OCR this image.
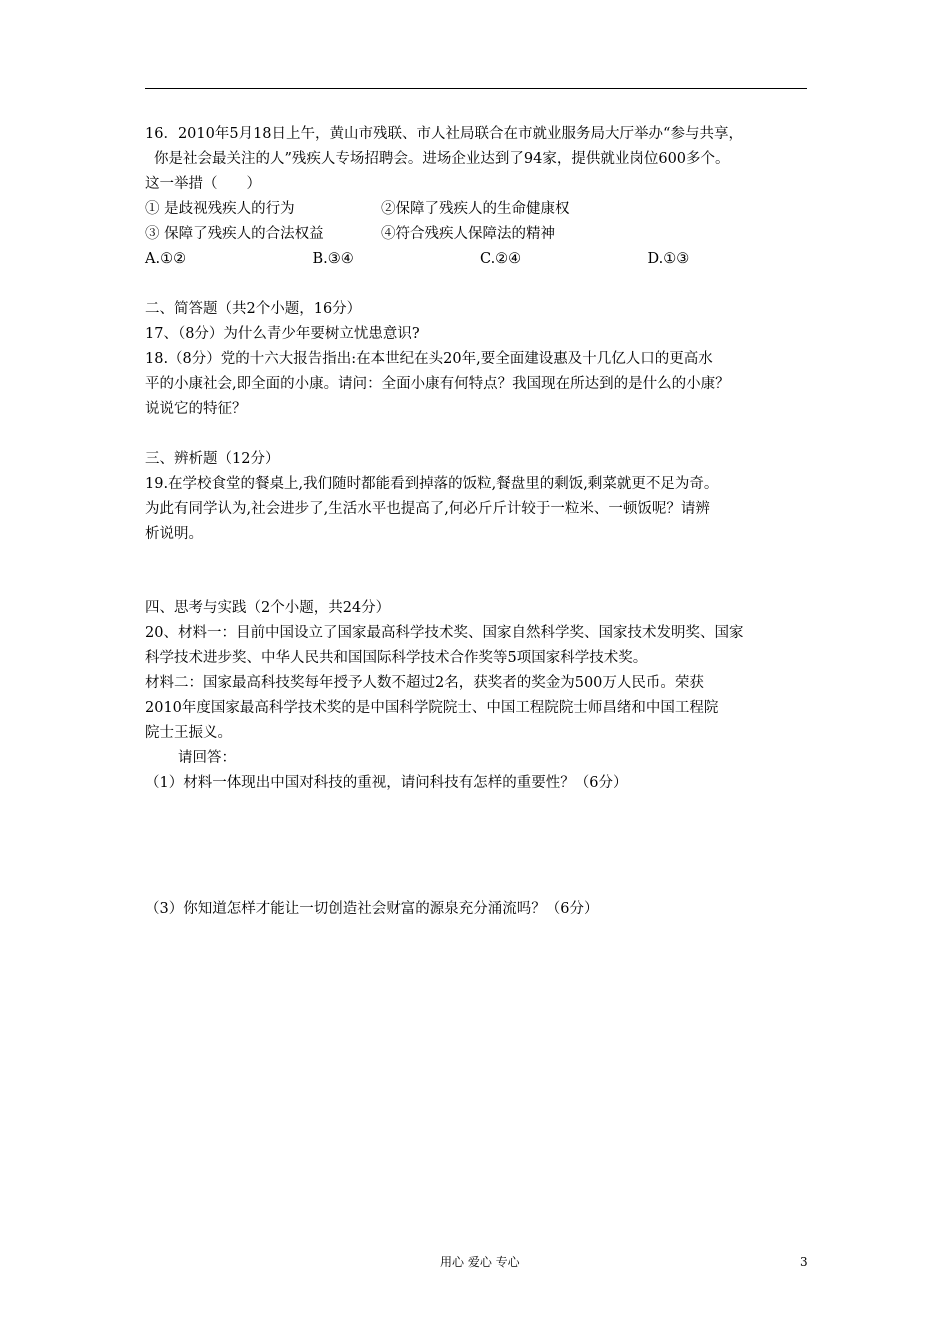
16．2010年5月18日上午，黄山市残联、市人社局联合在市就业服务局大厅举办“参与共享，
你是社会最关注的人”残疾人专场招聘会。进场企业达到了94家，提供就业岗位600多个。
这一举措（　　）
① 是歧视残疾人的行为	②保障了残疾人的生命健康权
③ 保障了残疾人的合法权益	④符合残疾人保障法的精神
A.①②	B.③④	C.②④	D.①③
二、简答题（共2个小题，16分）
17、（8分）为什么青少年要树立忧患意识?
18.（8分）党的十六大报告指出:在本世纪在头20年,要全面建设惠及十几亿人口的更高水
平的小康社会,即全面的小康。请问：全面小康有何特点？我国现在所达到的是什么的小康？
说说它的特征？
三、辨析题（12分）
19.在学校食堂的餐桌上,我们随时都能看到掉落的饭粒,餐盘里的剩饭,剩菜就更不足为奇。
为此有同学认为,社会进步了,生活水平也提高了,何必斤斤计较于一粒米、一顿饭呢？请辨
析说明。
四、思考与实践（2个小题，共24分）
20、材料一：目前中国设立了国家最高科学技术奖、国家自然科学奖、国家技术发明奖、国家
科学技术进步奖、中华人民共和国国际科学技术合作奖等5项国家科学技术奖。
材料二：国家最高科技奖每年授予人数不超过2名，获奖者的奖金为500万人民币。荣获
2010年度国家最高科学技术奖的是中国科学院院士、中国工程院院士师昌绪和中国工程院
院士王振义。
请回答：
（1）材料一体现出中国对科技的重视，请问科技有怎样的重要性？（6分）
（3）你知道怎样才能让一切创造社会财富的源泉充分涌流吗？（6分）
用心 爱心 专心	3
